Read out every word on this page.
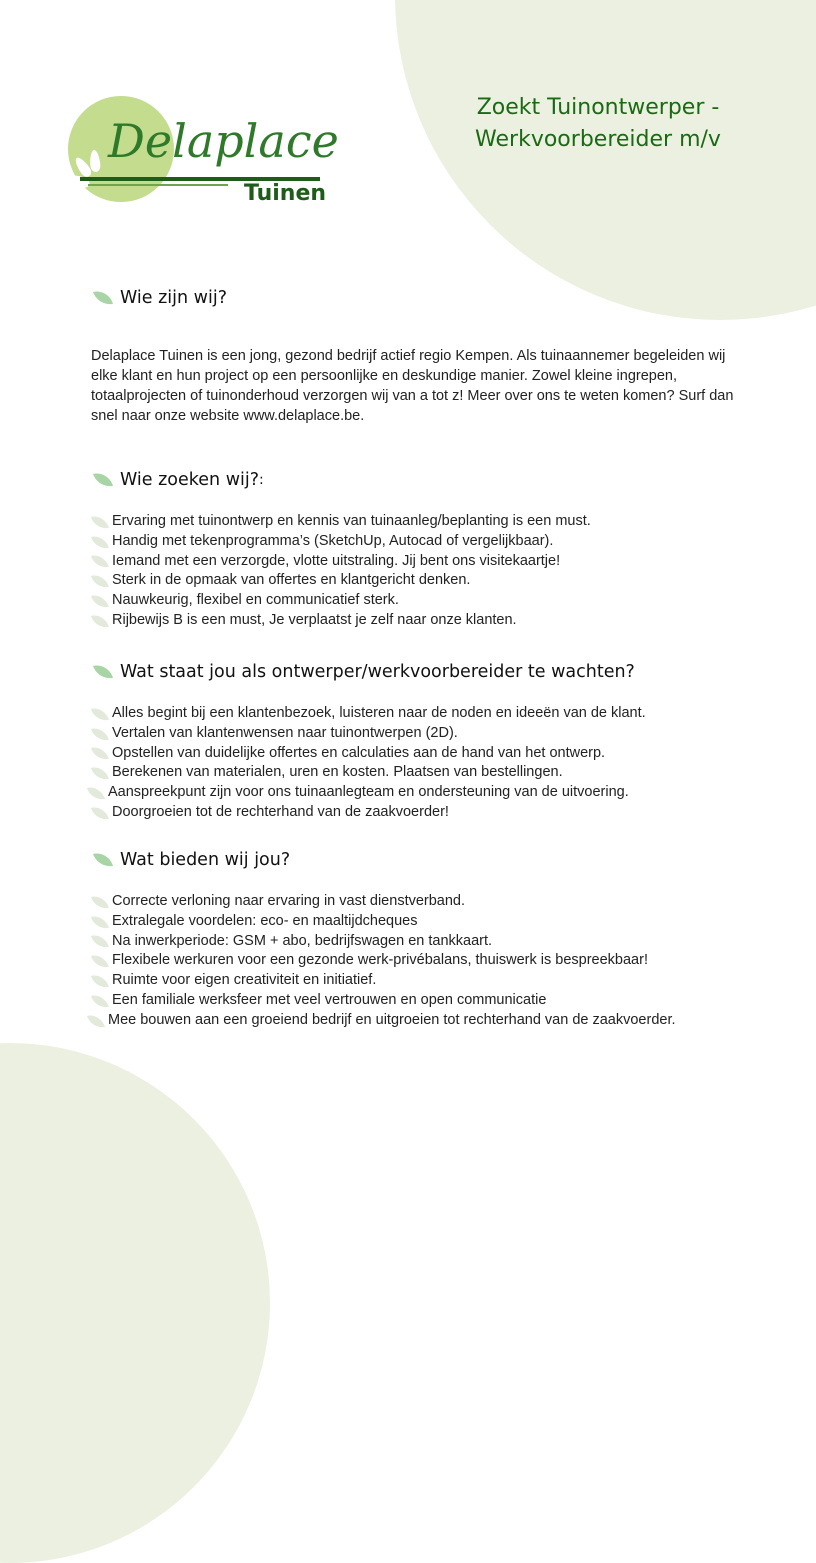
Delaplace
Tuinen
Zoekt Tuinontwerper -
Werkvoorbereider m/v
Wie zijn wij?
Delaplace Tuinen is een jong, gezond bedrijf actief regio Kempen. Als tuinaannemer begeleiden wij elke klant en hun project op een persoonlijke en deskundige manier. Zowel kleine ingrepen, totaalprojecten of tuinonderhoud verzorgen wij van a tot z! Meer over ons te weten komen? Surf dan snel naar onze website www.delaplace.be.
Wie zoeken wij? :
Ervaring met tuinontwerp en kennis van tuinaanleg/beplanting is een must.
Handig met tekenprogramma’s (SketchUp, Autocad of vergelijkbaar).
Iemand met een verzorgde, vlotte uitstraling. Jij bent ons visitekaartje!
Sterk in de opmaak van offertes en klantgericht denken.
Nauwkeurig, flexibel en communicatief sterk.
Rijbewijs B is een must, Je verplaatst je zelf naar onze klanten.
Wat staat jou als ontwerper/werkvoorbereider te wachten?
Alles begint bij een klantenbezoek, luisteren naar de noden en ideeën van de klant.
Vertalen van klantenwensen naar tuinontwerpen (2D).
Opstellen van duidelijke offertes en calculaties aan de hand van het ontwerp.
Berekenen van materialen, uren en kosten. Plaatsen van bestellingen.
Aanspreekpunt zijn voor ons tuinaanlegteam en ondersteuning van de uitvoering.
Doorgroeien tot de rechterhand van de zaakvoerder!
Wat bieden wij jou?
Correcte verloning naar ervaring in vast dienstverband.
Extralegale voordelen: eco- en maaltijdcheques
Na inwerkperiode: GSM + abo, bedrijfswagen en tankkaart.
Flexibele werkuren voor een gezonde werk-privébalans, thuiswerk is bespreekbaar!
Ruimte voor eigen creativiteit en initiatief.
Een familiale werksfeer met veel vertrouwen en open communicatie
Mee bouwen aan een groeiend bedrijf en uitgroeien tot rechterhand van de zaakvoerder.
